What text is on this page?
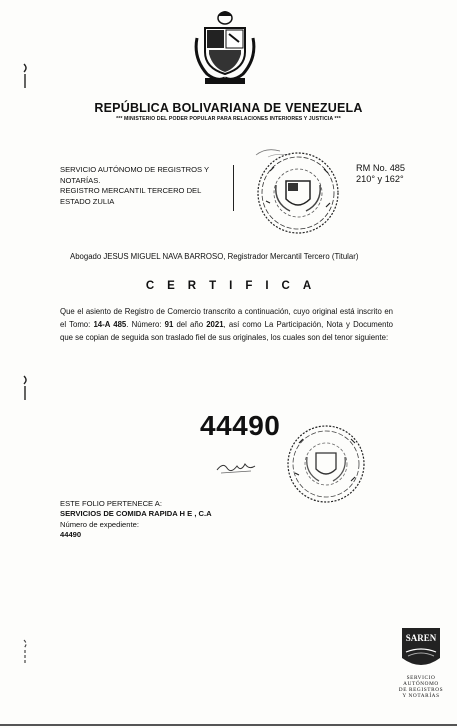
REPÚBLICA BOLIVARIANA DE VENEZUELA
*** MINISTERIO DEL PODER POPULAR PARA RELACIONES INTERIORES Y JUSTICIA ***
SERVICIO AUTÓNOMO DE REGISTROS Y
NOTARÍAS.
REGISTRO MERCANTIL TERCERO DEL
ESTADO ZULIA
RM No. 485
210° y 162°
Abogado JESUS MIGUEL NAVA BARROSO, Registrador Mercantil Tercero (Titular)
CERTIFICA
Que el asiento de Registro de Comercio transcrito a continuación, cuyo original está inscrito en el Tomo: 14-A 485. Número: 91 del año 2021, así como La Participación, Nota y Documento que se copian de seguida son traslado fiel de sus originales, los cuales son del tenor siguiente:
44490
ESTE FOLIO PERTENECE A:
SERVICIOS DE COMIDA RAPIDA H E , C.A
Número de expediente:
44490
SAREN
SERVICIO AUTÓNOMO
DE REGISTROS
Y NOTARÍAS
